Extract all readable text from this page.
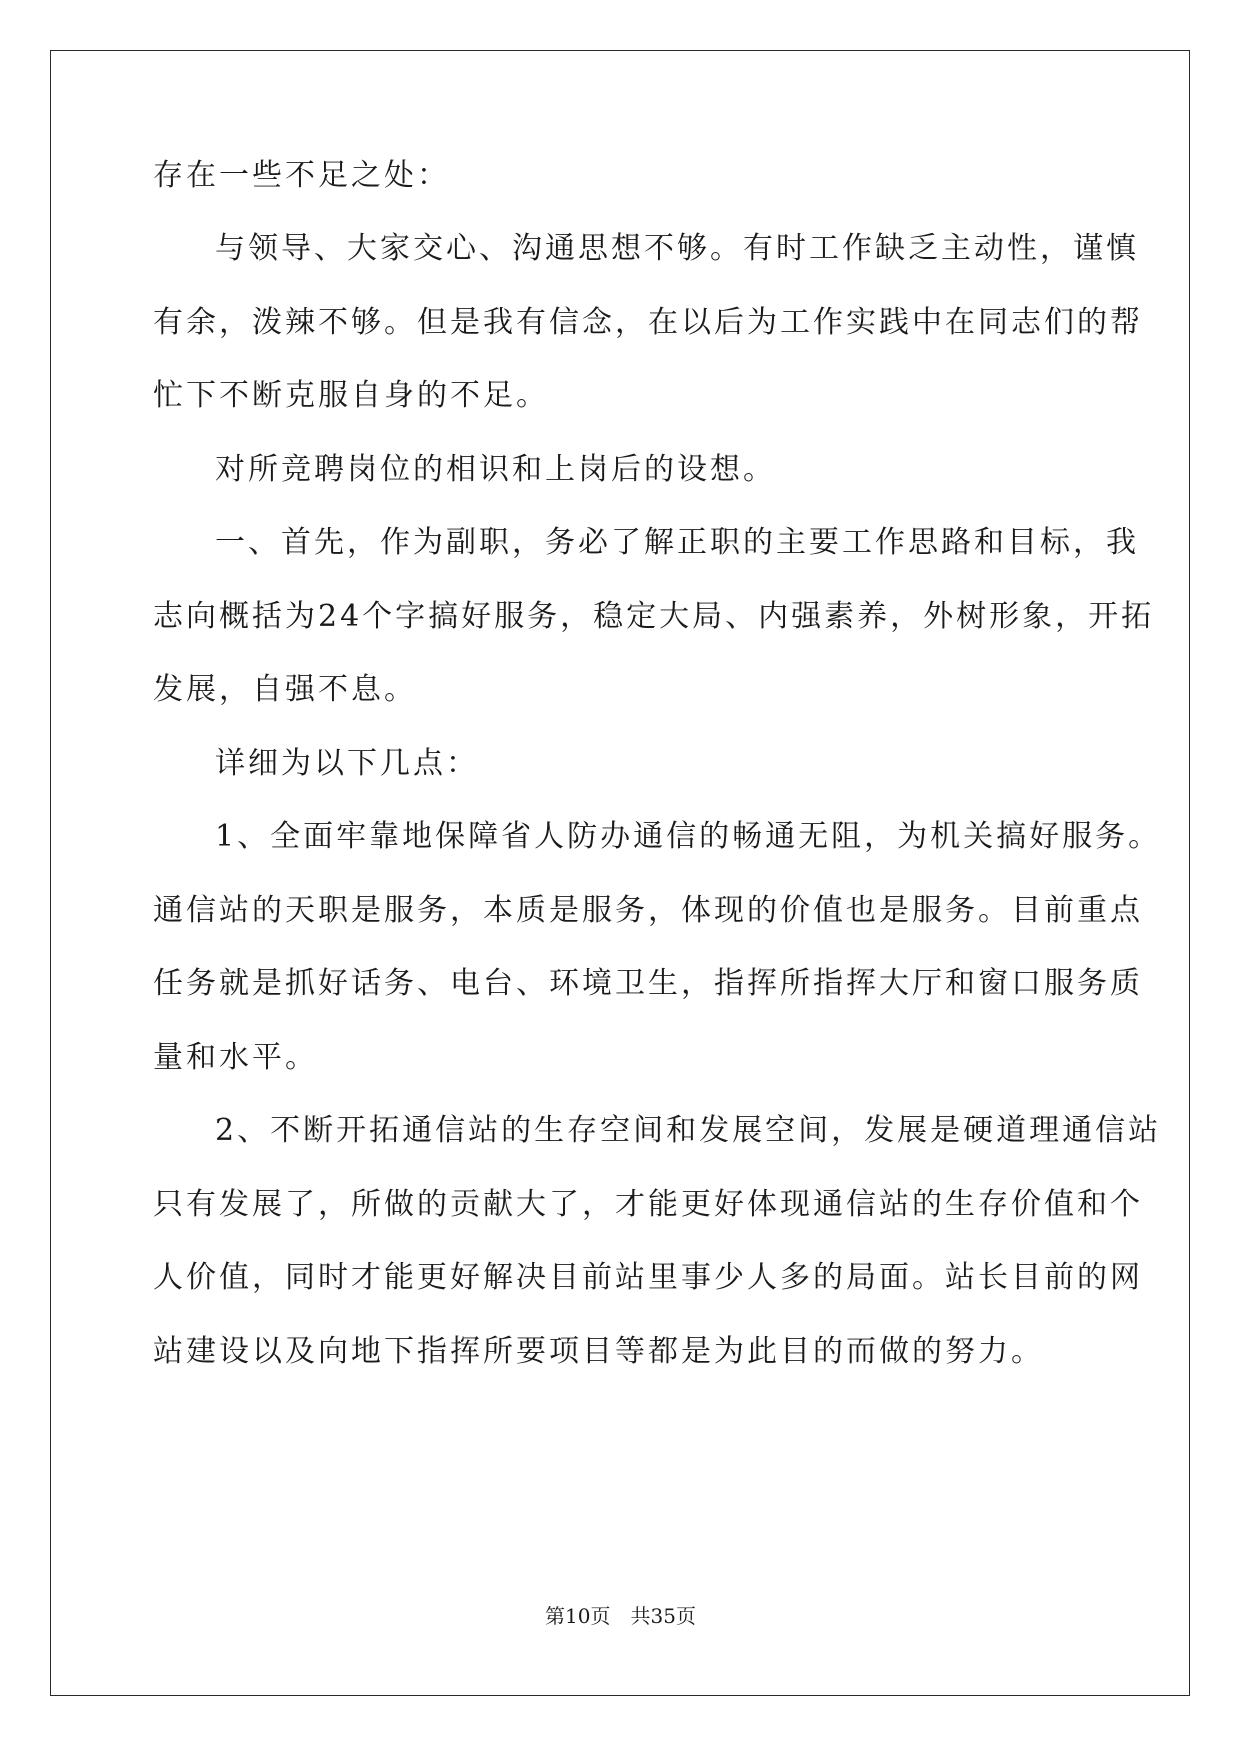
存在一些不足之处：
与领导、大家交心、沟通思想不够。有时工作缺乏主动性，谨慎
有余，泼辣不够。但是我有信念，在以后为工作实践中在同志们的帮
忙下不断克服自身的不足。
对所竞聘岗位的相识和上岗后的设想。
一、首先，作为副职，务必了解正职的主要工作思路和目标，我
志向概括为24个字搞好服务，稳定大局、内强素养，外树形象，开拓
发展，自强不息。
详细为以下几点：
1、全面牢靠地保障省人防办通信的畅通无阻，为机关搞好服务。
通信站的天职是服务，本质是服务，体现的价值也是服务。目前重点
任务就是抓好话务、电台、环境卫生，指挥所指挥大厅和窗口服务质
量和水平。
2、不断开拓通信站的生存空间和发展空间，发展是硬道理通信站
只有发展了，所做的贡献大了，才能更好体现通信站的生存价值和个
人价值，同时才能更好解决目前站里事少人多的局面。站长目前的网
站建设以及向地下指挥所要项目等都是为此目的而做的努力。
第10页 共35页
